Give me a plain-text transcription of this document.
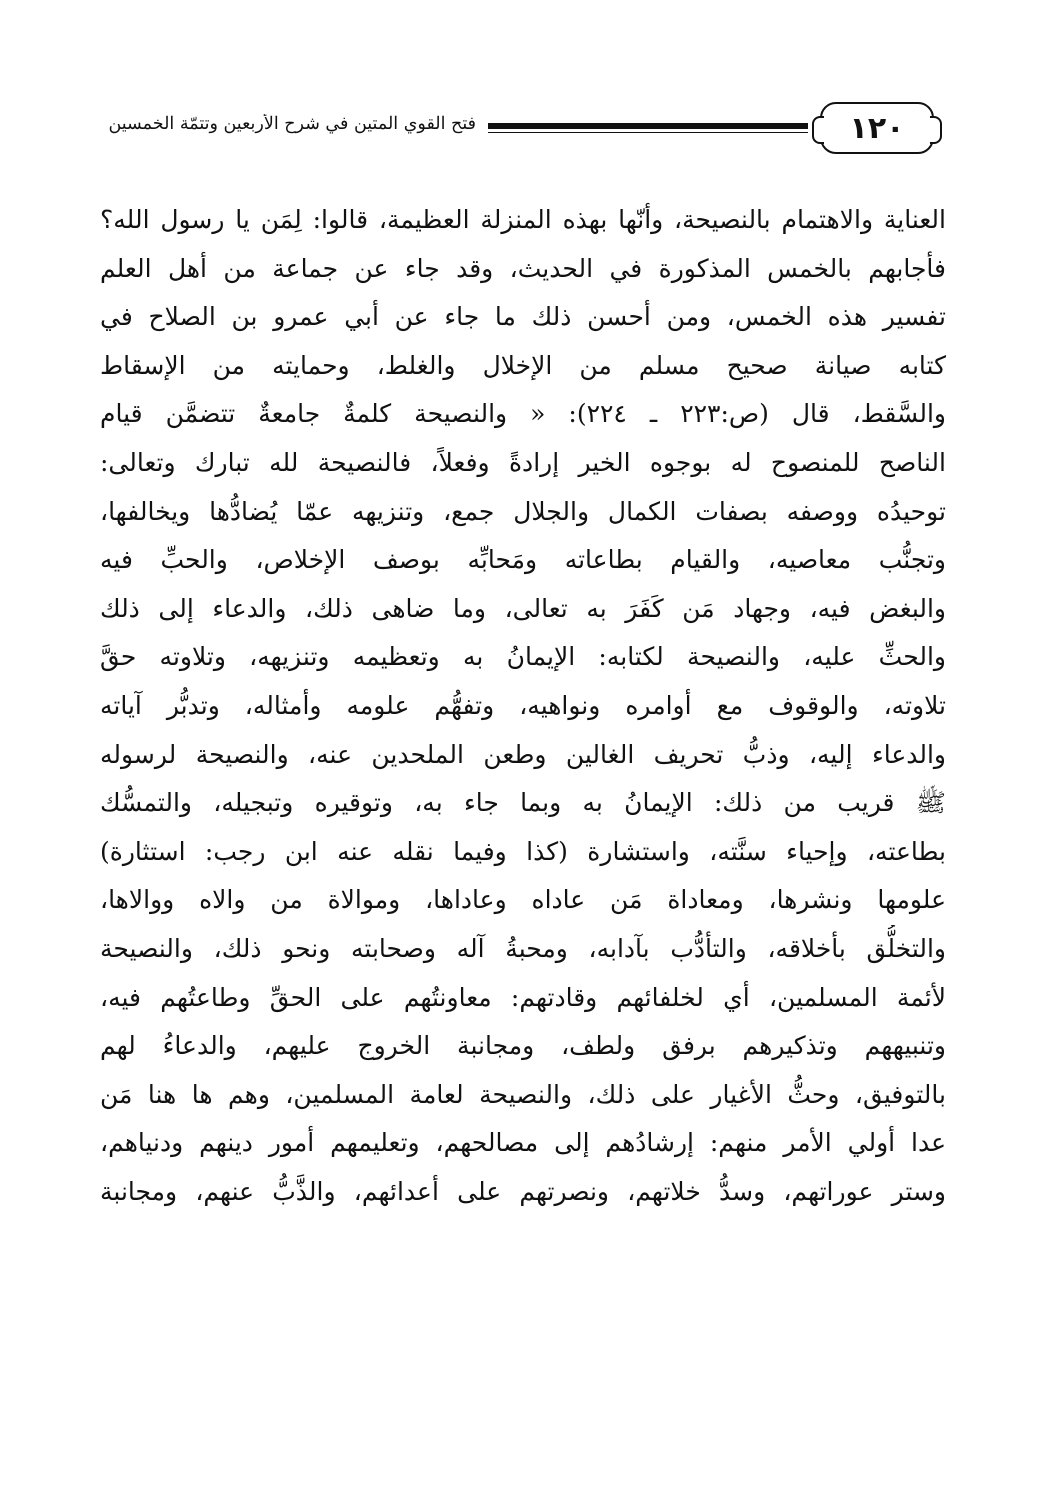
فتح القوي المتين في شرح الأربعين وتتمّة الخمسين	١٢٠
العناية والاهتمام بالنصيحة، وأنّها بهذه المنزلة العظيمة، قالوا: لِمَن يا رسول الله؟
فأجابهم بالخمس المذكورة في الحديث، وقد جاء عن جماعة من أهل العلم
تفسير هذه الخمس، ومن أحسن ذلك ما جاء عن أبي عمرو بن الصلاح في
كتابه صيانة صحيح مسلم من الإخلال والغلط، وحمايته من الإسقاط
والسَّقط، قال (ص:٢٢٣ ـ ٢٢٤): « والنصيحة كلمةٌ جامعةٌ تتضمَّن قيام
الناصح للمنصوح له بوجوه الخير إرادةً وفعلاً، فالنصيحة لله تبارك وتعالى:
توحيدُه ووصفه بصفات الكمال والجلال جمع، وتنزيهه عمّا يُضادُّها ويخالفها،
وتجنُّب معاصيه، والقيام بطاعاته ومَحابِّه بوصف الإخلاص، والحبِّ فيه
والبغض فيه، وجهاد مَن كَفَرَ به تعالى، وما ضاهى ذلك، والدعاء إلى ذلك
والحثِّ عليه، والنصيحة لكتابه: الإيمانُ به وتعظيمه وتنزيهه، وتلاوته حقَّ
تلاوته، والوقوف مع أوامره ونواهيه، وتفهُّم علومه وأمثاله، وتدبُّر آياته
والدعاء إليه، وذبُّ تحريف الغالين وطعن الملحدين عنه، والنصيحة لرسوله
ﷺ قريب من ذلك: الإيمانُ به وبما جاء به، وتوقيره وتبجيله، والتمسُّك
بطاعته، وإحياء سنَّته، واستشارة (كذا وفيما نقله عنه ابن رجب: استثارة)
علومها ونشرها، ومعاداة مَن عاداه وعاداها، وموالاة من والاه ووالاها،
والتخلُّق بأخلاقه، والتأدُّب بآدابه، ومحبةُ آله وصحابته ونحو ذلك، والنصيحة
لأئمة المسلمين، أي لخلفائهم وقادتهم: معاونتُهم على الحقِّ وطاعتُهم فيه،
وتنبيههم وتذكيرهم برفق ولطف، ومجانبة الخروج عليهم، والدعاءُ لهم
بالتوفيق، وحثُّ الأغيار على ذلك، والنصيحة لعامة المسلمين، وهم ها هنا مَن
عدا أولي الأمر منهم: إرشادُهم إلى مصالحهم، وتعليمهم أمور دينهم ودنياهم،
وستر عوراتهم، وسدُّ خلاتهم، ونصرتهم على أعدائهم، والذَّبُّ عنهم، ومجانبة
